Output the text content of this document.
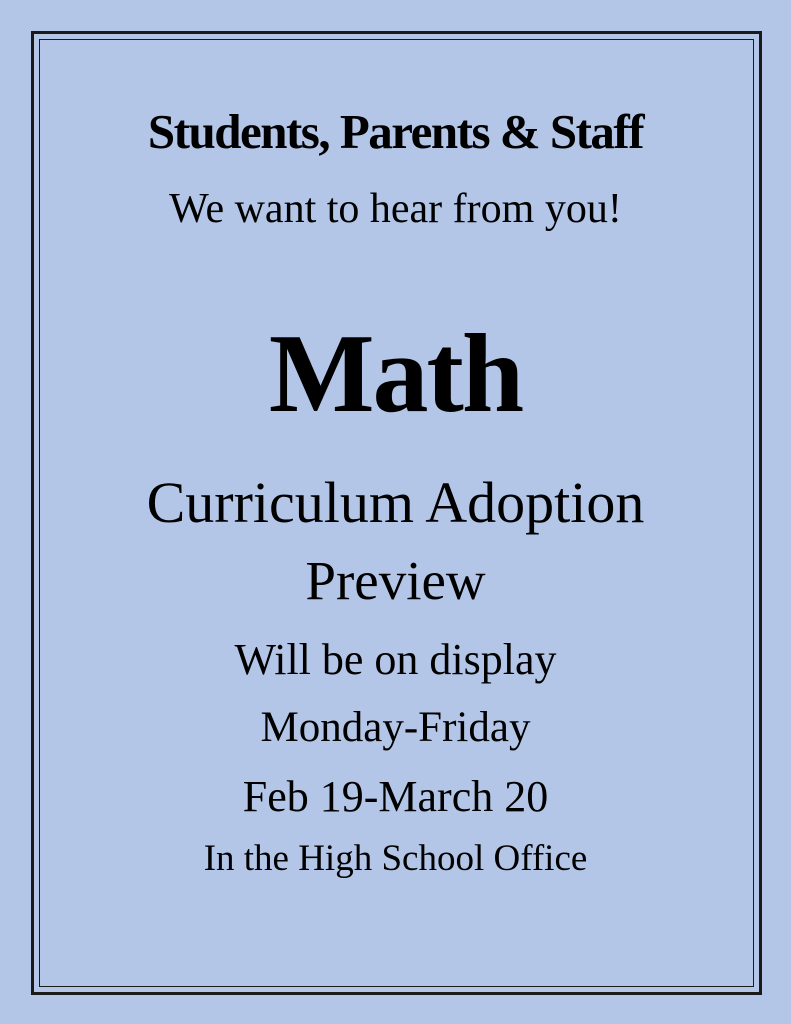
Students, Parents & Staff

We want to hear from you!

Math

Curriculum Adoption

Preview

Will be on display

Monday-Friday

Feb 19-March 20

In the High School Office
